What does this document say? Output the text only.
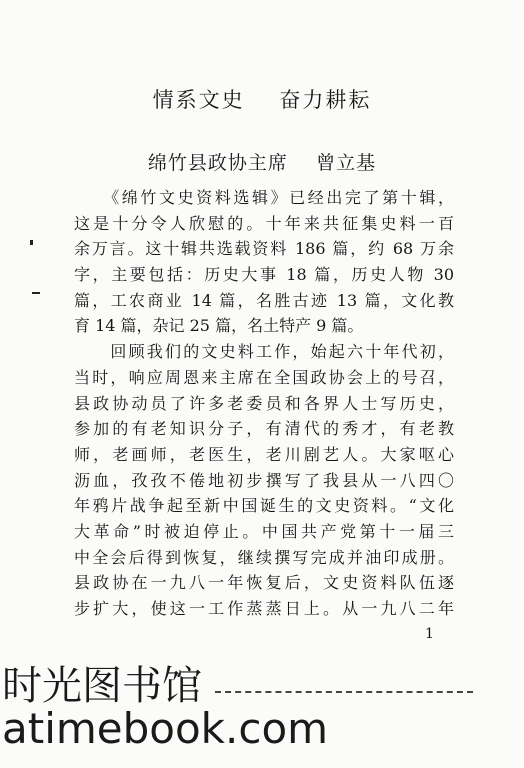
情系文史    奋力耕耘
绵竹县政协主席    曾立基
　　《绵竹文史资料选辑》已经出完了第十辑，
这是十分令人欣慰的。十年来共征集史料一百
余万言。这十辑共选载资料 186 篇，约 68 万余
字，主要包括：历史大事 18 篇，历史人物 30
篇，工农商业 14 篇，名胜古迹 13 篇，文化教
育 14 篇，杂记 25 篇，名土特产 9 篇。
　　回顾我们的文史料工作，始起六十年代初，
当时，响应周恩来主席在全国政协会上的号召，
县政协动员了许多老委员和各界人士写历史，
参加的有老知识分子，有清代的秀才，有老教
师，老画师，老医生，老川剧艺人。大家呕心
沥血，孜孜不倦地初步撰写了我县从一八四〇
年鸦片战争起至新中国诞生的文史资料。“文化
大革命”时被迫停止。中国共产党第十一届三
中全会后得到恢复，继续撰写完成并油印成册。
县政协在一九八一年恢复后，文史资料队伍逐
步扩大，使这一工作蒸蒸日上。从一九八二年
1
时光图书馆
atimebook.com
